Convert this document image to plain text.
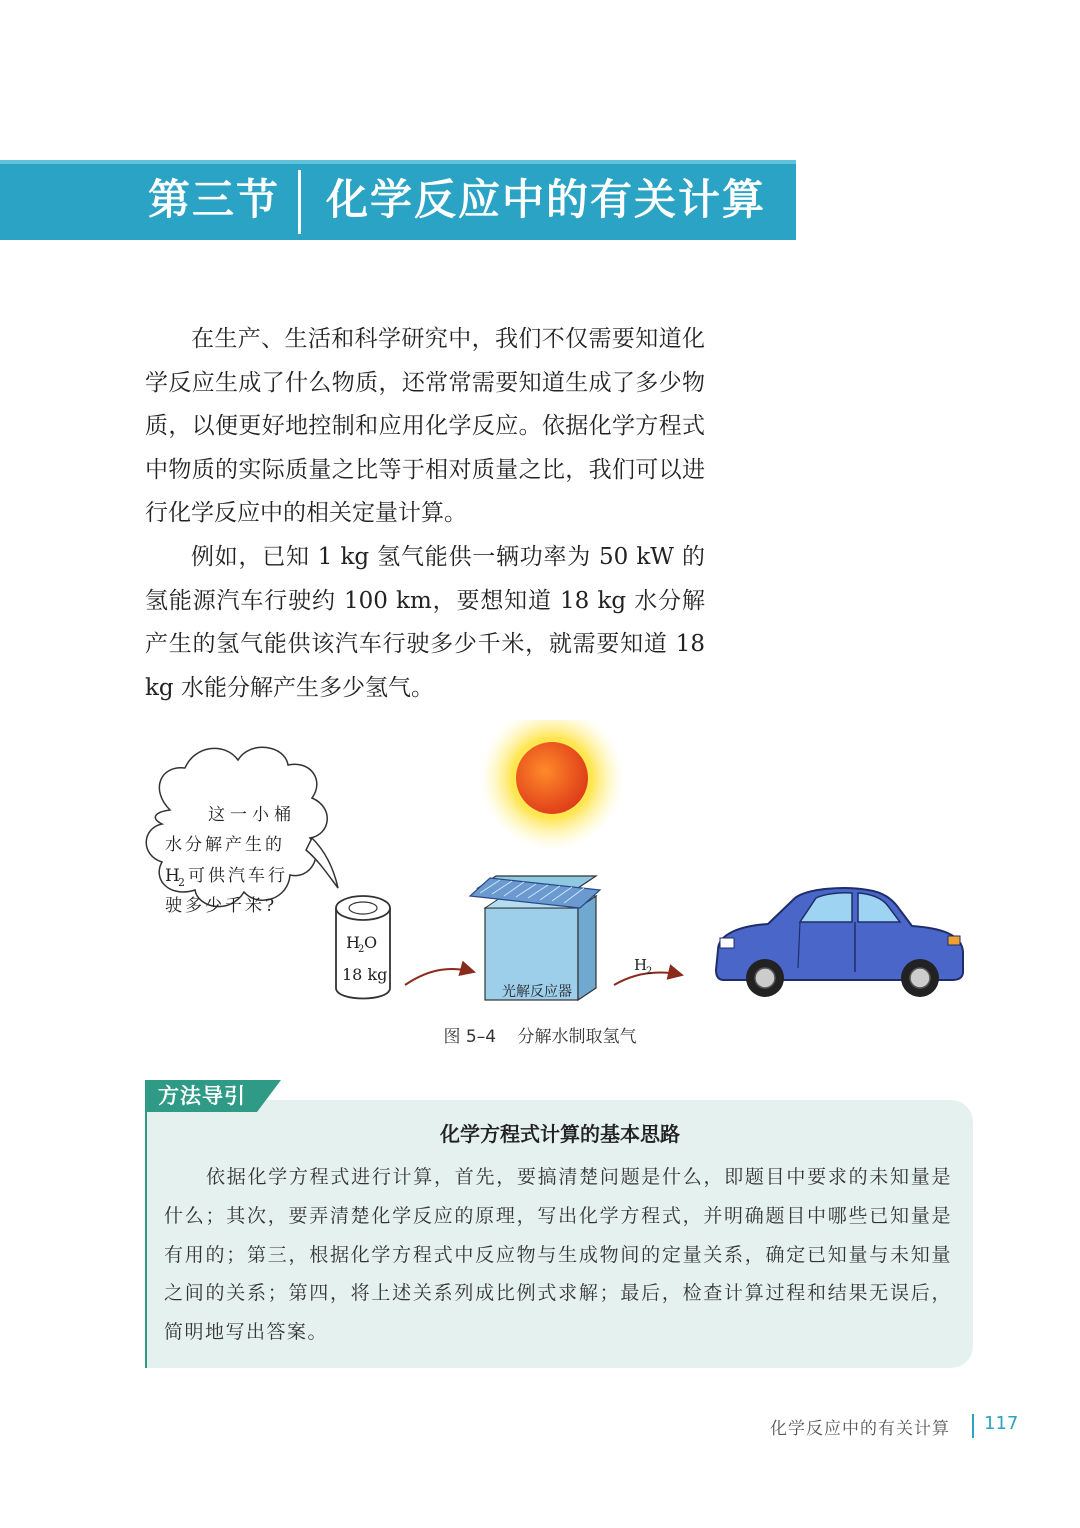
第三节 化学反应中的有关计算

在生产、生活和科学研究中，我们不仅需要知道化学反应生成了什么物质，还常常需要知道生成了多少物质，以便更好地控制和应用化学反应。依据化学方程式中物质的实际质量之比等于相对质量之比，我们可以进行化学反应中的相关定量计算。

例如，已知 1 kg 氢气能供一辆功率为 50 kW 的氢能源汽车行驶约 100 km，要想知道 18 kg 水分解产生的氢气能供该汽车行驶多少千米，就需要知道 18 kg 水能分解产生多少氢气。

这一小桶
水分解产生的
H
2 可供汽车行
驶多少千米?
H
2 O
18 kg
光解反应器
H
2
图 5–4 分解水制取氢气
方法导引
化学方程式计算的基本思路

依据化学方程式进行计算，首先，要搞清楚问题是什么，即题目中要求的未知量是什么；其次，要弄清楚化学反应的原理，写出化学方程式，并明确题目中哪些已知量是有用的；第三，根据化学方程式中反应物与生成物间的定量关系，确定已知量与未知量之间的关系；第四，将上述关系列成比例式求解；最后，检查计算过程和结果无误后，简明地写出答案。

化学反应中的有关计算 117
